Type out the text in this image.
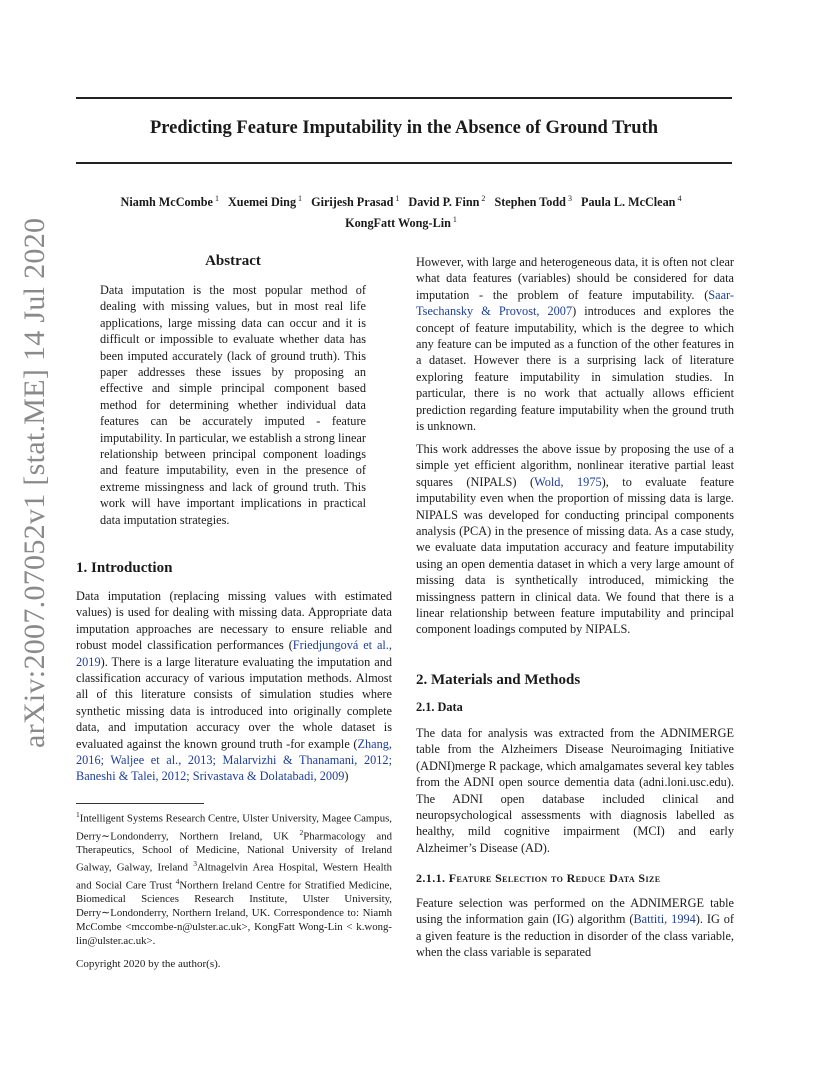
Predicting Feature Imputability in the Absence of Ground Truth
Niamh McCombe $^1$ Xuemei Ding $^1$ Girijesh Prasad $^1$ David P. Finn $^2$ Stephen Todd $^3$ Paula L. McClean $^4$
KongFatt Wong-Lin $^1$
arXiv:2007.07052v1 [stat.ME] 14 Jul 2020	Abstract

Data imputation is the most popular method of dealing with missing values, but in most real life applications, large missing data can occur and it is difficult or impossible to evaluate whether data has been imputed accurately (lack of ground truth). This paper addresses these issues by proposing an effective and simple principal component based method for determining whether individual data features can be accurately imputed - feature imputability. In particular, we establish a strong linear relationship between principal component loadings and feature imputability, even in the presence of extreme missingness and lack of ground truth. This work will have important implications in practical data imputation strategies.

1. Introduction

Data imputation (replacing missing values with estimated values) is used for dealing with missing data. Appropriate data imputation approaches are necessary to ensure reliable and robust model classification performances (Friedjungová et al., 2019). There is a large literature evaluating the imputation and classification accuracy of various imputation methods. Almost all of this literature consists of simulation studies where synthetic missing data is introduced into originally complete data, and imputation accuracy over the whole dataset is evaluated against the known ground truth -for example (Zhang, 2016; Waljee et al., 2013; Malarvizhi & Thanamani, 2012; Baneshi & Talei, 2012; Srivastava & Dolatabadi, 2009)

$^1$Intelligent Systems Research Centre, Ulster University, Magee Campus, Derry∼Londonderry, Northern Ireland, UK $^2$Pharmacology and Therapeutics, School of Medicine, National University of Ireland Galway, Galway, Ireland $^3$Altnagelvin Area Hospital, Western Health and Social Care Trust $^4$Northern Ireland Centre for Stratified Medicine, Biomedical Sciences Research Institute, Ulster University, Derry∼Londonderry, Northern Ireland, UK. Correspondence to: Niamh McCombe <mccombe-n@ulster.ac.uk>, KongFatt Wong-Lin < k.wong-lin@ulster.ac.uk>.

Copyright 2020 by the author(s).

However, with large and heterogeneous data, it is often not clear what data features (variables) should be considered for data imputation - the problem of feature imputability. (Saar-Tsechansky & Provost, 2007) introduces and explores the concept of feature imputability, which is the degree to which any feature can be imputed as a function of the other features in a dataset. However there is a surprising lack of literature exploring feature imputability in simulation studies. In particular, there is no work that actually allows efficient prediction regarding feature imputability when the ground truth is unknown.

This work addresses the above issue by proposing the use of a simple yet efficient algorithm, nonlinear iterative partial least squares (NIPALS) (Wold, 1975), to evaluate feature imputability even when the proportion of missing data is large. NIPALS was developed for conducting principal components analysis (PCA) in the presence of missing data. As a case study, we evaluate data imputation accuracy and feature imputability using an open dementia dataset in which a very large amount of missing data is synthetically introduced, mimicking the missingness pattern in clinical data. We found that there is a linear relationship between feature imputability and principal component loadings computed by NIPALS.

2. Materials and Methods
2.1. Data

The data for analysis was extracted from the ADNIMERGE table from the Alzheimers Disease Neuroimaging Initiative (ADNI)merge R package, which amalgamates several key tables from the ADNI open source dementia data (adni.loni.usc.edu). The ADNI open database included clinical and neuropsychological assessments with diagnosis labelled as healthy, mild cognitive impairment (MCI) and early Alzheimer’s Disease (AD).

2.1.1. Feature Selection to Reduce Data Size

Feature selection was performed on the ADNIMERGE table using the information gain (IG) algorithm (Battiti, 1994). IG of a given feature is the reduction in disorder of the class variable, when the class variable is separated
